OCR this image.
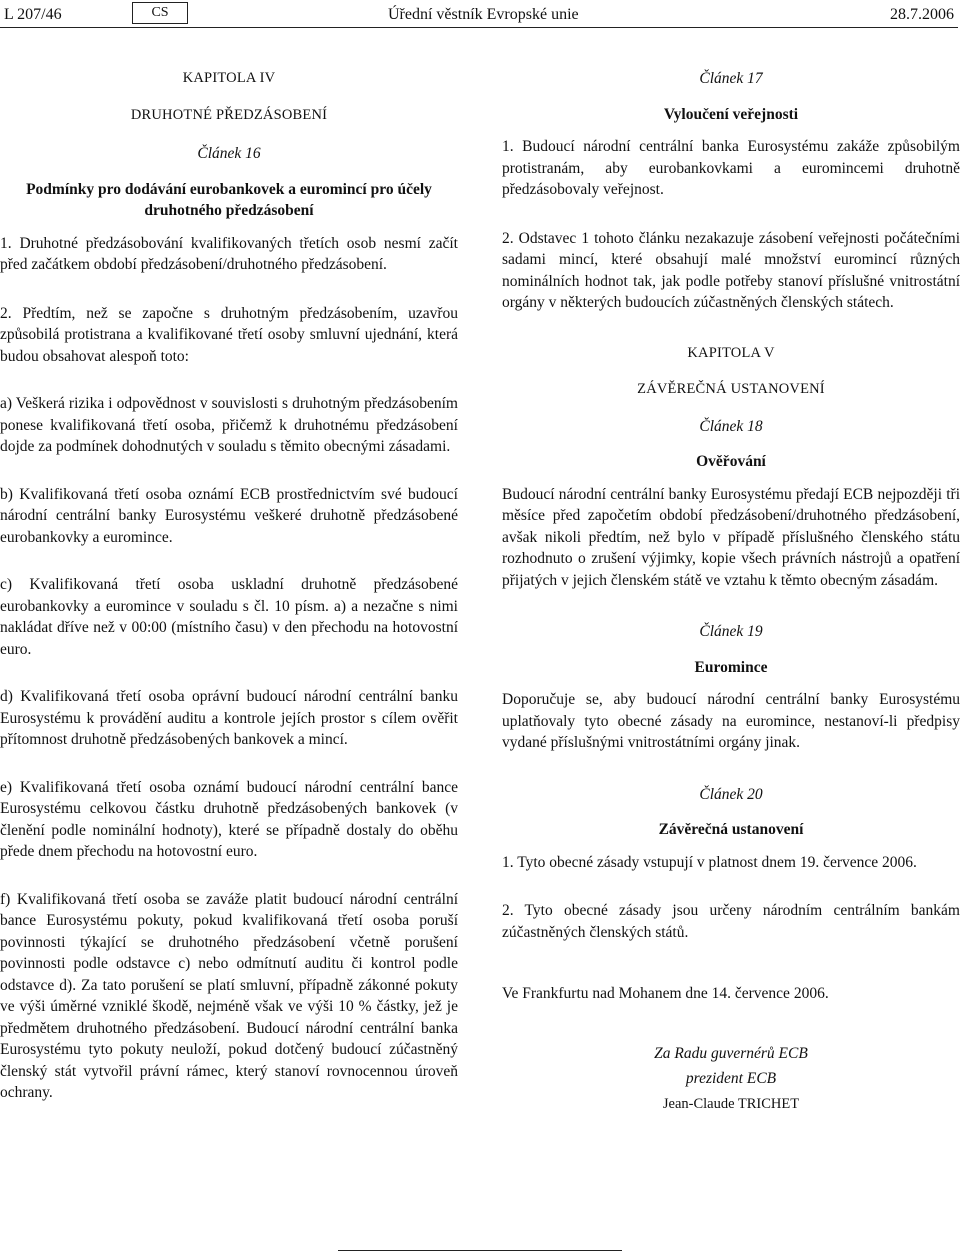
L 207/46	CS	Úřední věstník Evropské unie	28.7.2006
KAPITOLA IV
DRUHOTNÉ PŘEDZÁSOBENÍ
Článek 16
Podmínky pro dodávání eurobankovek a euromincí pro účely druhotného předzásobení

1. Druhotné předzásobování kvalifikovaných třetích osob nesmí začít před začátkem období předzásobení/druhotného předzásobení.

2. Předtím, než se započne s druhotným předzásobením, uzavřou způsobilá protistrana a kvalifikované třetí osoby smluvní ujednání, která budou obsahovat alespoň toto:

a) Veškerá rizika i odpovědnost v souvislosti s druhotným předzásobením ponese kvalifikovaná třetí osoba, přičemž k druhotnému předzásobení dojde za podmínek dohodnutých v souladu s těmito obecnými zásadami.
b) Kvalifikovaná třetí osoba oznámí ECB prostřednictvím své budoucí národní centrální banky Eurosystému veškeré druhotně předzásobené eurobankovky a euromince.
c) Kvalifikovaná třetí osoba uskladní druhotně předzásobené eurobankovky a euromince v souladu s čl. 10 písm. a) a nezačne s nimi nakládat dříve než v 00:00 (místního času) v den přechodu na hotovostní euro.
d) Kvalifikovaná třetí osoba oprávní budoucí národní centrální banku Eurosystému k provádění auditu a kontrole jejích prostor s cílem ověřit přítomnost druhotně předzásobených bankovek a mincí.
e) Kvalifikovaná třetí osoba oznámí budoucí národní centrální bance Eurosystému celkovou částku druhotně předzásobených bankovek (v členění podle nominální hodnoty), které se případně dostaly do oběhu přede dnem přechodu na hotovostní euro.
f) Kvalifikovaná třetí osoba se zaváže platit budoucí národní centrální bance Eurosystému pokuty, pokud kvalifikovaná třetí osoba poruší povinnosti týkající se druhotného předzásobení včetně porušení povinnosti podle odstavce c) nebo odmítnutí auditu či kontrol podle odstavce d). Za tato porušení se platí smluvní, případně zákonné pokuty ve výši úměrné vzniklé škodě, nejméně však ve výši 10 % částky, jež je předmětem druhotného předzásobení. Budoucí národní centrální banka Eurosystému tyto pokuty neuloží, pokud dotčený budoucí zúčastněný členský stát vytvořil právní rámec, který stanoví rovnocennou úroveň ochrany.
Článek 17
Vyloučení veřejnosti

1. Budoucí národní centrální banka Eurosystému zakáže způsobilým protistranám, aby eurobankovkami a euromincemi druhotně předzásobovaly veřejnost.

2. Odstavec 1 tohoto článku nezakazuje zásobení veřejnosti počátečními sadami mincí, které obsahují malé množství euromincí různých nominálních hodnot tak, jak podle potřeby stanoví příslušné vnitrostátní orgány v některých budoucích zúčastněných členských státech.

KAPITOLA V
ZÁVĚREČNÁ USTANOVENÍ
Článek 18
Ověřování

Budoucí národní centrální banky Eurosystému předají ECB nejpozději tři měsíce před započetím období předzásobení/druhotného předzásobení, avšak nikoli předtím, než bylo v případě příslušného členského státu rozhodnuto o zrušení výjimky, kopie všech právních nástrojů a opatření přijatých v jejich členském státě ve vztahu k těmto obecným zásadám.

Článek 19
Euromince

Doporučuje se, aby budoucí národní centrální banky Eurosystému uplatňovaly tyto obecné zásady na euromince, nestanoví-li předpisy vydané příslušnými vnitrostátními orgány jinak.

Článek 20
Závěrečná ustanovení

1. Tyto obecné zásady vstupují v platnost dnem 19. července 2006.

2. Tyto obecné zásady jsou určeny národním centrálním bankám zúčastněných členských států.

Ve Frankfurtu nad Mohanem dne 14. července 2006.

Za Radu guvernérů ECB
prezident ECB
Jean-Claude TRICHET
